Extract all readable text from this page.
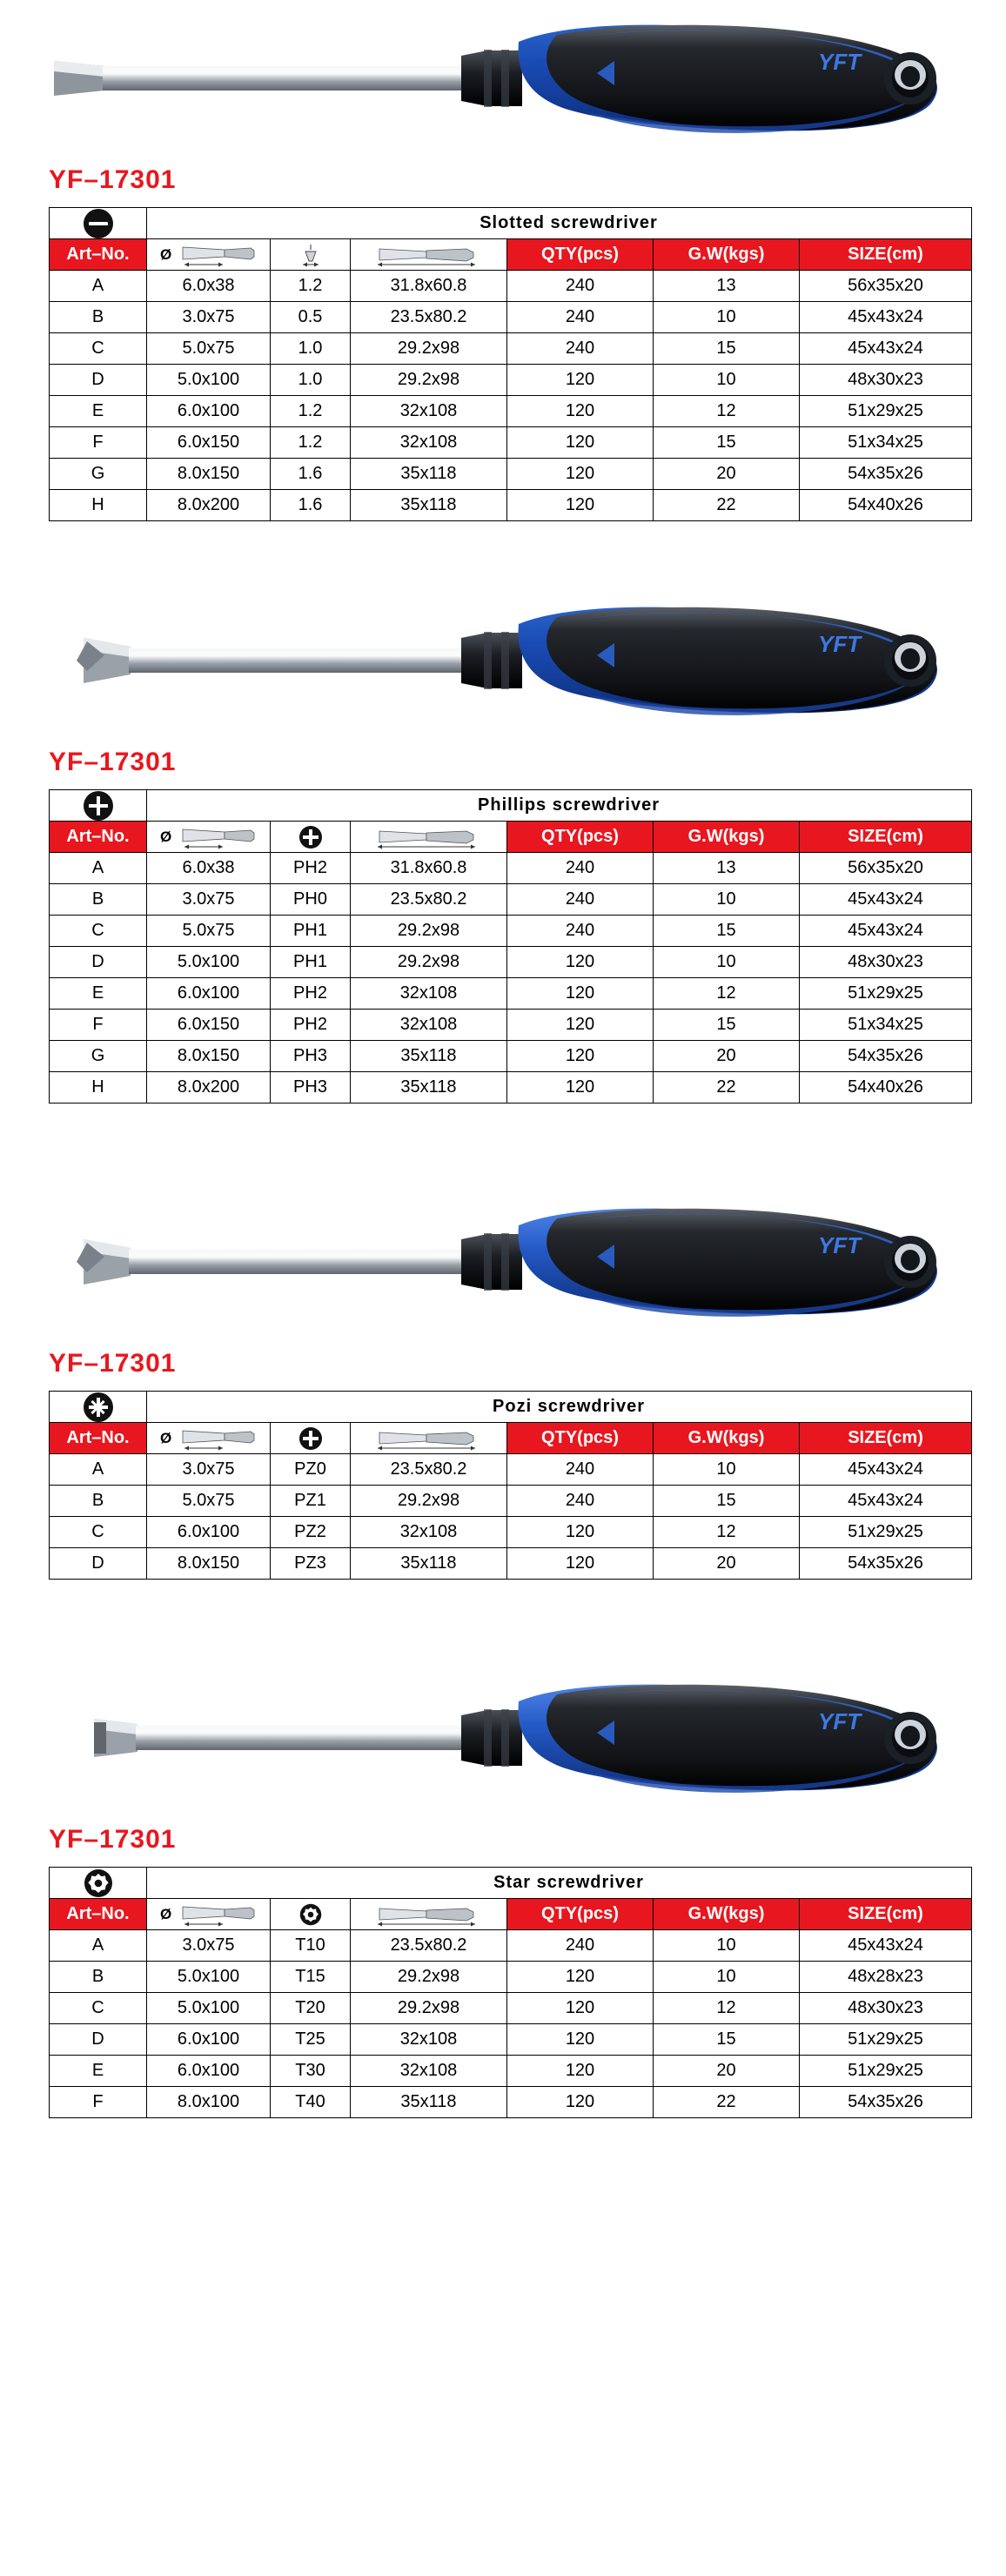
YFT
YF–17301
	Slotted screwdriver					
Art–No.	Ø			QTY(pcs)	G.W(kgs)	SIZE(cm)
A	6.0x38	1.2	31.8x60.8	240	13	56x35x20
B	3.0x75	0.5	23.5x80.2	240	10	45x43x24
C	5.0x75	1.0	29.2x98	240	15	45x43x24
D	5.0x100	1.0	29.2x98	120	10	48x30x23
E	6.0x100	1.2	32x108	120	12	51x29x25
F	6.0x150	1.2	32x108	120	15	51x34x25
G	8.0x150	1.6	35x118	120	20	54x35x26
H	8.0x200	1.6	35x118	120	22	54x40x26
YFT
YF–17301
	Phillips screwdriver					
Art–No.	Ø			QTY(pcs)	G.W(kgs)	SIZE(cm)
A	6.0x38	PH2	31.8x60.8	240	13	56x35x20
B	3.0x75	PH0	23.5x80.2	240	10	45x43x24
C	5.0x75	PH1	29.2x98	240	15	45x43x24
D	5.0x100	PH1	29.2x98	120	10	48x30x23
E	6.0x100	PH2	32x108	120	12	51x29x25
F	6.0x150	PH2	32x108	120	15	51x34x25
G	8.0x150	PH3	35x118	120	20	54x35x26
H	8.0x200	PH3	35x118	120	22	54x40x26
YFT
YF–17301
	Pozi screwdriver					
Art–No.	Ø			QTY(pcs)	G.W(kgs)	SIZE(cm)
A	3.0x75	PZ0	23.5x80.2	240	10	45x43x24
B	5.0x75	PZ1	29.2x98	240	15	45x43x24
C	6.0x100	PZ2	32x108	120	12	51x29x25
D	8.0x150	PZ3	35x118	120	20	54x35x26
YFT
YF–17301
	Star screwdriver					
Art–No.	Ø			QTY(pcs)	G.W(kgs)	SIZE(cm)
A	3.0x75	T10	23.5x80.2	240	10	45x43x24
B	5.0x100	T15	29.2x98	120	10	48x28x23
C	5.0x100	T20	29.2x98	120	12	48x30x23
D	6.0x100	T25	32x108	120	15	51x29x25
E	6.0x100	T30	32x108	120	20	51x29x25
F	8.0x100	T40	35x118	120	22	54x35x26
